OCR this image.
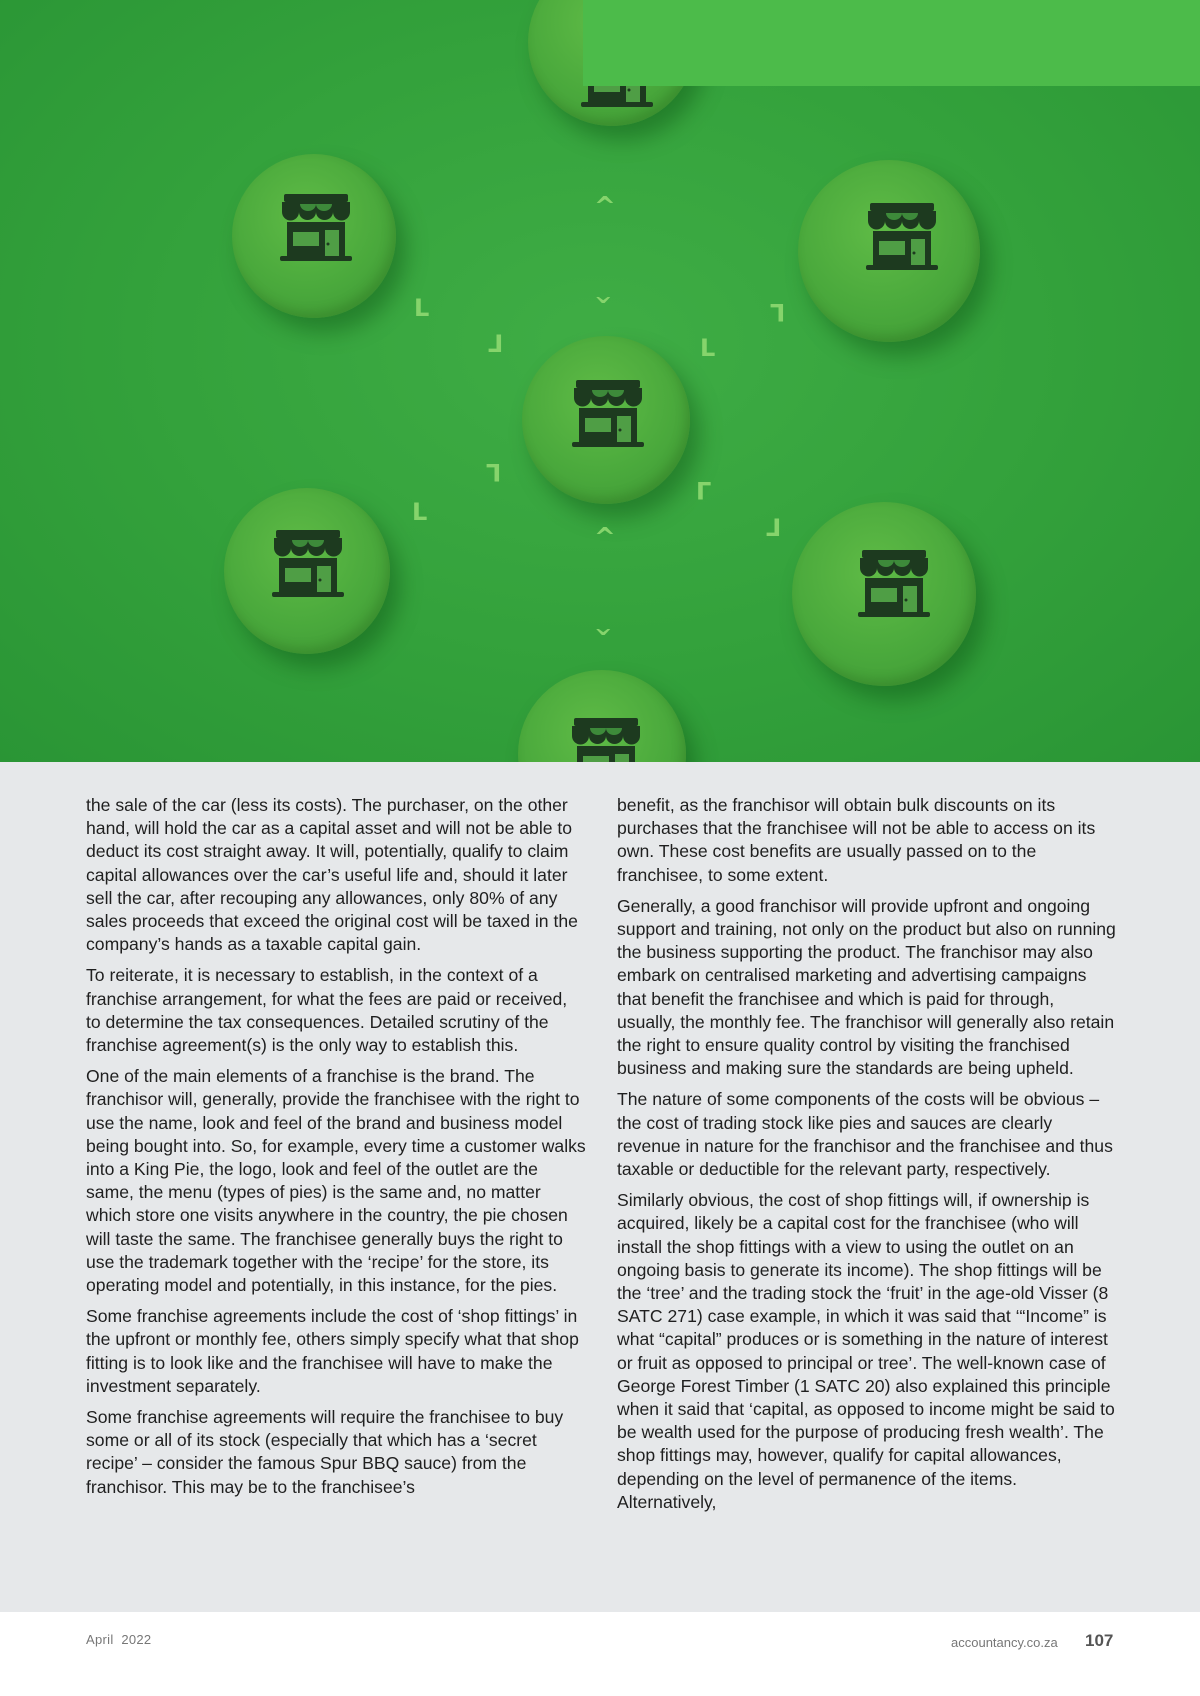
^
^
^
^
L
L
L
L
L
L
L
L

the sale of the car (less its costs). The purchaser, on the other hand, will hold the car as a capital asset and will not be able to deduct its cost straight away. It will, potentially, qualify to claim capital allowances over the car’s useful life and, should it later sell the car, after recouping any allowances, only 80% of any sales proceeds that exceed the original cost will be taxed in the company’s hands as a taxable capital gain.

To reiterate, it is necessary to establish, in the context of a franchise arrangement, for what the fees are paid or received, to determine the tax consequences. Detailed scrutiny of the franchise agreement(s) is the only way to establish this.

One of the main elements of a franchise is the brand. The franchisor will, generally, provide the franchisee with the right to use the name, look and feel of the brand and business model being bought into. So, for example, every time a customer walks into a King Pie, the logo, look and feel of the outlet are the same, the menu (types of pies) is the same and, no matter which store one visits anywhere in the country, the pie chosen will taste the same. The franchisee generally buys the right to use the trademark together with the ‘recipe’ for the store, its operating model and potentially, in this instance, for the pies.

Some franchise agreements include the cost of ‘shop fittings’ in the upfront or monthly fee, others simply specify what that shop fitting is to look like and the franchisee will have to make the investment separately.

Some franchise agreements will require the franchisee to buy some or all of its stock (especially that which has a ‘secret recipe’ – consider the famous Spur BBQ sauce) from the franchisor. This may be to the franchisee’s

benefit, as the franchisor will obtain bulk discounts on its purchases that the franchisee will not be able to access on its own. These cost benefits are usually passed on to the franchisee, to some extent.

Generally, a good franchisor will provide upfront and ongoing support and training, not only on the product but also on running the business supporting the product. The franchisor may also embark on centralised marketing and advertising campaigns that benefit the franchisee and which is paid for through, usually, the monthly fee. The franchisor will generally also retain the right to ensure quality control by visiting the franchised business and making sure the standards are being upheld.

The nature of some components of the costs will be obvious – the cost of trading stock like pies and sauces are clearly revenue in nature for the franchisor and the franchisee and thus taxable or deductible for the relevant party, respectively.

Similarly obvious, the cost of shop fittings will, if ownership is acquired, likely be a capital cost for the franchisee (who will install the shop fittings with a view to using the outlet on an ongoing basis to generate its income). The shop fittings will be the ‘tree’ and the trading stock the ‘fruit’ in the age-old Visser (8 SATC 271) case example, in which it was said that ‘“Income” is what “capital” produces or is something in the nature of interest or fruit as opposed to principal or tree’. The well-known case of George Forest Timber (1 SATC 20) also explained this principle when it said that ‘capital, as opposed to income might be said to be wealth used for the purpose of producing fresh wealth’. The shop fittings may, however, qualify for capital allowances, depending on the level of permanence of the items. Alternatively,

April  2022	accountancy.co.za 107
